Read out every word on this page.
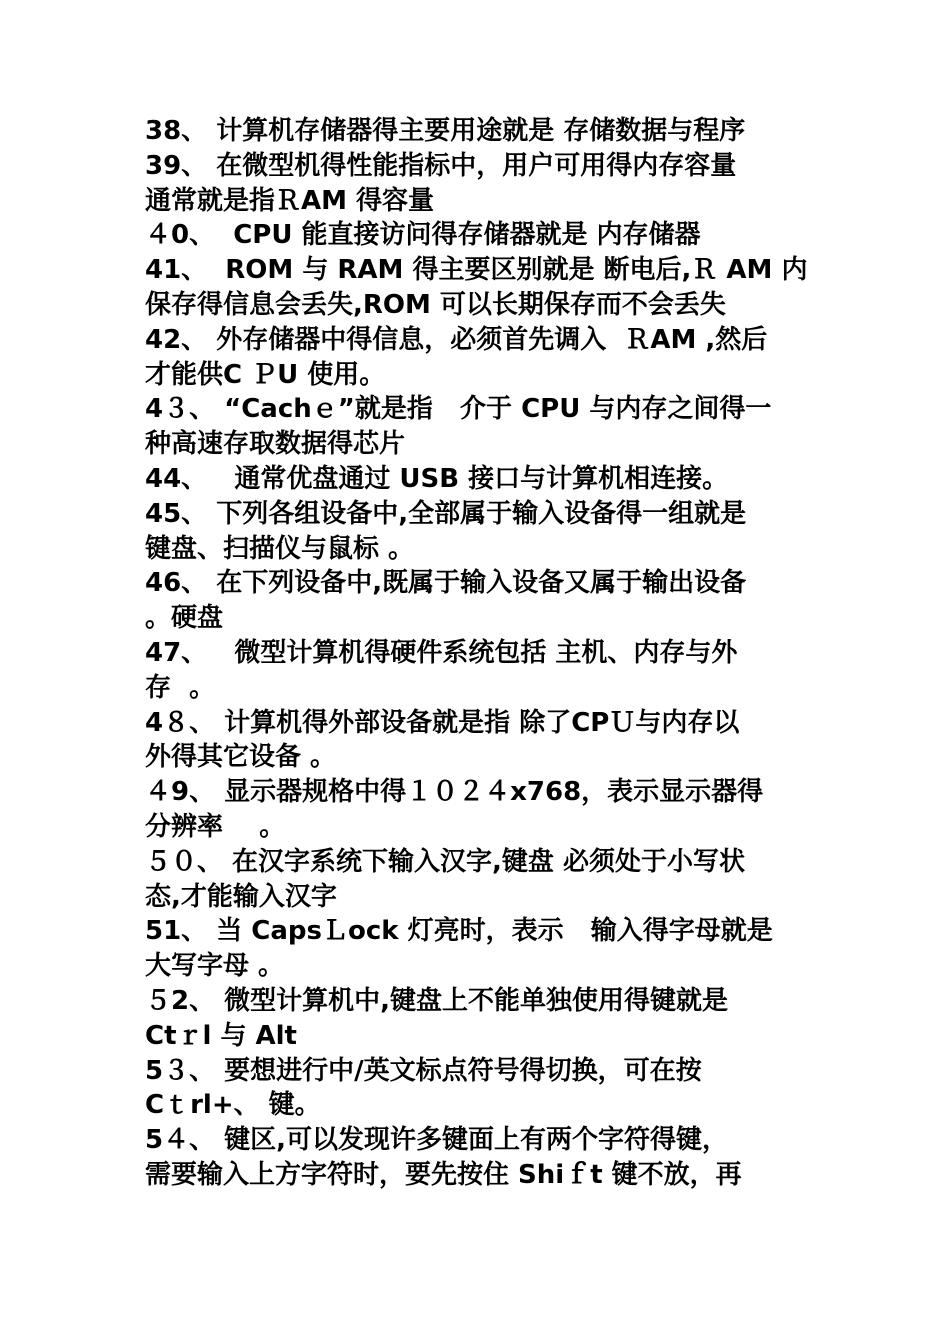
38、 计算机存储器得主要用途就是 存储数据与程序
39、 在微型机得性能指标中，用户可用得内存容量
通常就是指ＲAM 得容量
４0、  CPU 能直接访问得存储器就是 内存储器
41、  ROM 与 RAM 得主要区别就是 断电后,Ｒ AM 内
保存得信息会丢失,ROM 可以长期保存而不会丢失
42、 外存储器中得信息，必须首先调入  ＲAM ,然后
才能供C ＰU 使用。
4３、 “Cachｅ”就是指   介于 CPU 与内存之间得一
种高速存取数据得芯片
44、   通常优盘通过 USB 接口与计算机相连接。
45、 下列各组设备中,全部属于输入设备得一组就是
键盘、扫描仪与鼠标 。
46、 在下列设备中,既属于输入设备又属于输出设备
。硬盘
47、   微型计算机得硬件系统包括 主机、内存与外
存  。
4８、 计算机得外部设备就是指 除了CPＵ与内存以
外得其它设备 。
４9、 显示器规格中得１０２４x768，表示显示器得
分辨率    。
５０、 在汉字系统下输入汉字,键盘 必须处于小写状
态,才能输入汉字
51、 当 CapsＬock 灯亮时，表示   输入得字母就是
大写字母 。
５2、 微型计算机中,键盘上不能单独使用得键就是
Ctｒl 与 Alt
5３、 要想进行中/英文标点符号得切换，可在按
Cｔrl+、 键。
5４、 键区,可以发现许多键面上有两个字符得键，
需要输入上方字符时，要先按住 Shiｆt 键不放，再
